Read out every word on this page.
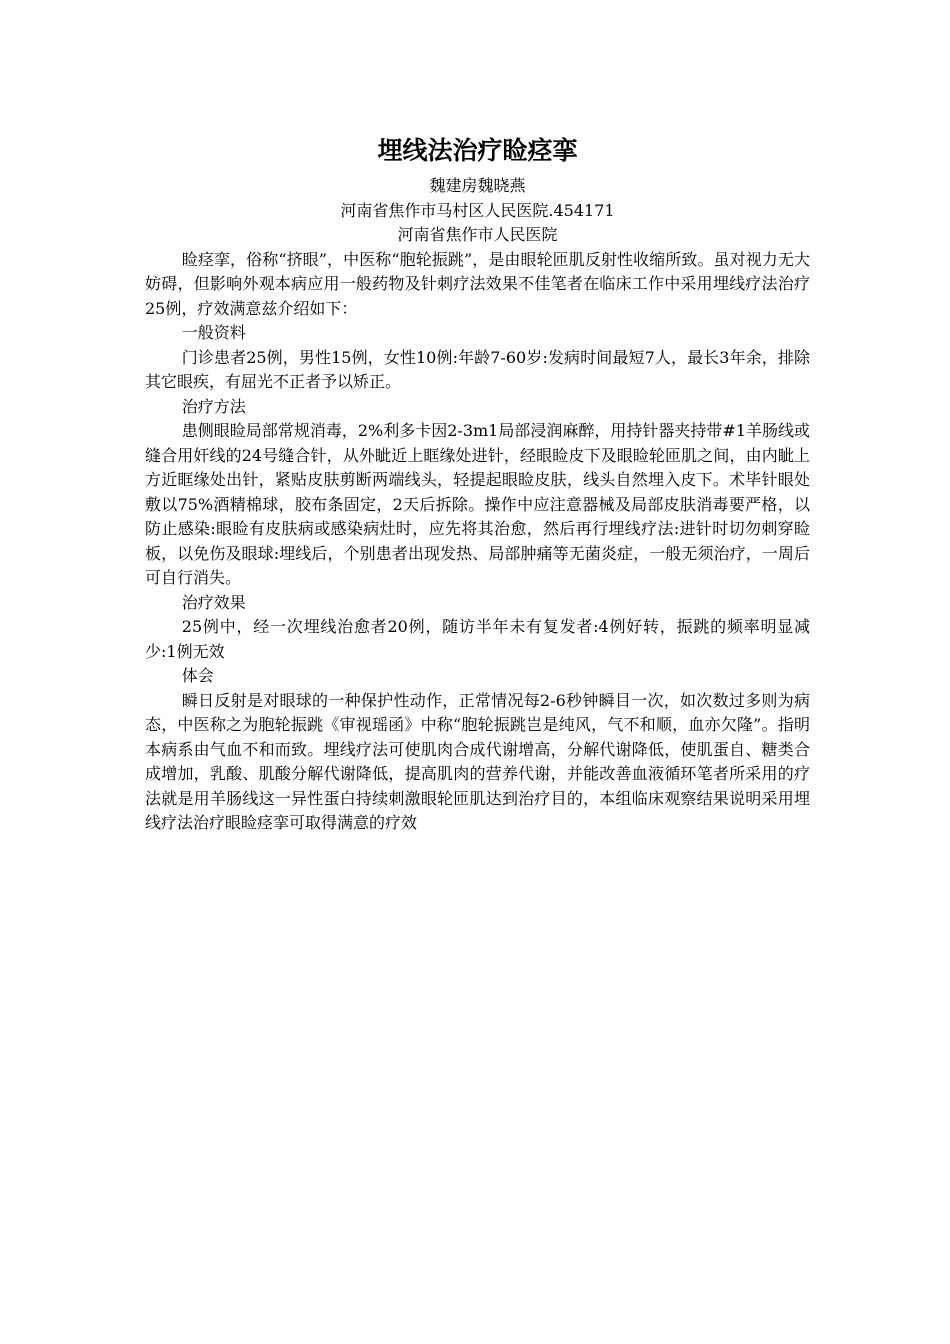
埋线法治疗睑痉挛

魏建房魏晓燕

河南省焦作市马村区人民医院.454171

河南省焦作市人民医院

睑痉挛，俗称“挤眼”，中医称“胞轮振跳”，是由眼轮匝肌反射性收缩所致。虽对视力无大妨碍，但影响外观本病应用一般药物及针刺疗法效果不佳笔者在临床工作中采用埋线疗法治疗25例，疗效满意兹介绍如下：

一般资料

门诊患者25例，男性15例，女性10例:年龄7-60岁:发病时间最短7人，最长3年余，排除其它眼疾，有屈光不正者予以矫正。

治疗方法

患侧眼睑局部常规消毒，2%利多卡因2-3m1局部浸润麻醉，用持针器夹持带#1羊肠线或缝合用奸线的24号缝合针，从外眦近上眶缘处进针，经眼睑皮下及眼睑轮匝肌之间，由内眦上方近眶缘处出针，紧贴皮肤剪断两端线头，轻提起眼睑皮肤，线头自然埋入皮下。术毕针眼处敷以75%酒精棉球，胶布条固定，2天后拆除。操作中应注意器械及局部皮肤消毒要严格，以防止感染:眼睑有皮肤病或感染病灶时，应先将其治愈，然后再行埋线疗法:进针时切勿刺穿睑板，以免伤及眼球:埋线后，个别患者出现发热、局部肿痛等无菌炎症，一般无须治疗，一周后可自行消失。

治疗效果

25例中，经一次埋线治愈者20例，随访半年未有复发者:4例好转，振跳的频率明显减少:1例无效

体会

瞬日反射是对眼球的一种保护性动作，正常情况每2-6秒钟瞬目一次，如次数过多则为病态，中医称之为胞轮振跳《审视瑶函》中称“胞轮振跳岂是纯风，气不和顺，血亦欠隆”。指明本病系由气血不和而致。埋线疗法可使肌肉合成代谢增高，分解代谢降低，使肌蛋自、糖类合成增加，乳酸、肌酸分解代谢降低，提高肌肉的营养代谢，并能改善血液循环笔者所采用的疗法就是用羊肠线这一异性蛋白持续刺激眼轮匝肌达到治疗目的，本组临床观察结果说明采用埋线疗法治疗眼睑痉挛可取得满意的疗效
